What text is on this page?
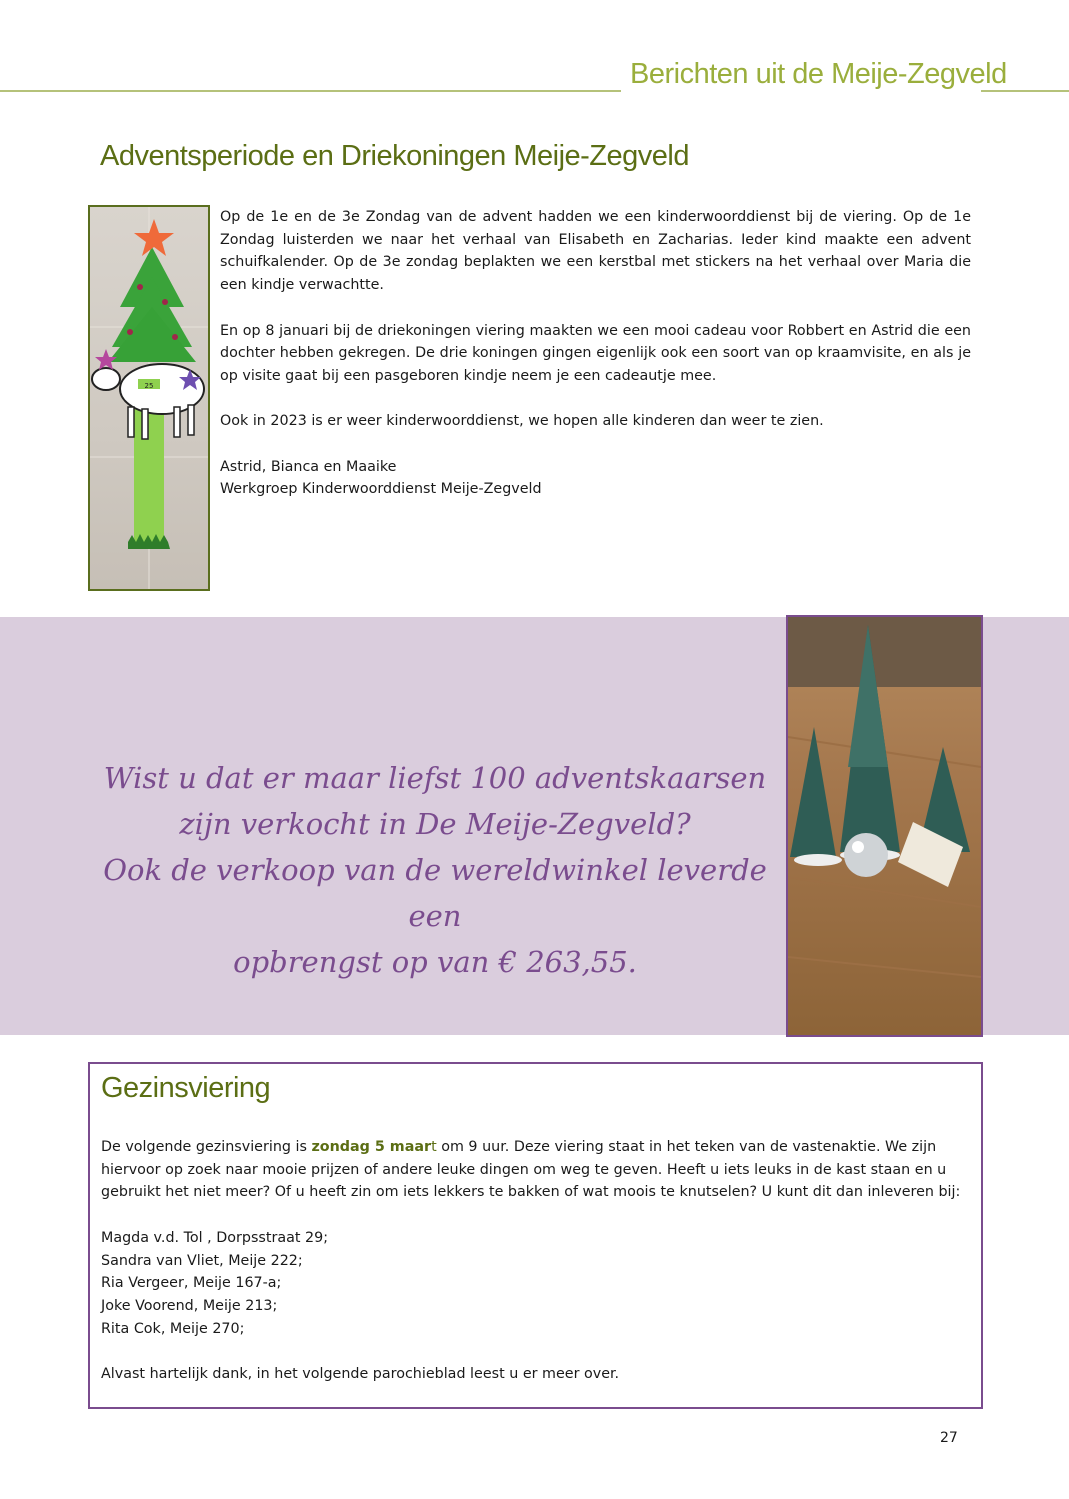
Berichten uit de Meije-Zegveld
Adventsperiode en Driekoningen Meije-Zegveld
25

Op de 1e en de 3e Zondag van de advent hadden we een kinderwoorddienst bij de viering. Op de 1e Zondag luisterden we naar het verhaal van Elisabeth en Zacharias. Ieder kind maakte een advent schuifkalender. Op de 3e zondag beplakten we een kerstbal met stickers na het verhaal over Maria die een kindje verwachtte.

En op 8 januari bij de driekoningen viering maakten we een mooi cadeau voor Robbert en Astrid die een dochter hebben gekregen. De drie koningen gingen eigenlijk ook een soort van op kraamvisite, en als je op visite gaat bij een pasgeboren kindje neem je een cadeautje mee.

Ook in 2023 is er weer kinderwoorddienst, we hopen alle kinderen dan weer te zien.

Astrid, Bianca en Maaike
Werkgroep Kinderwoorddienst Meije-Zegveld

Wist u dat er maar liefst 100 adventskaarsen
zijn verkocht in De Meije-Zegveld?
Ook de verkoop van de wereldwinkel leverde een
opbrengst op van € 263,55.
Gezinsviering

De volgende gezinsviering is zondag 5 maart om 9 uur. Deze viering staat in het teken van de vastenaktie. We zijn hiervoor op zoek naar mooie prijzen of andere leuke dingen om weg te geven. Heeft u iets leuks in de kast staan en u gebruikt het niet meer? Of u heeft zin om iets lekkers te bakken of wat moois te knutselen? U kunt dit dan inleveren bij:

Magda v.d. Tol , Dorpsstraat 29;
Sandra van Vliet, Meije 222;
Ria Vergeer, Meije 167-a;
Joke Voorend, Meije 213;
Rita Cok, Meije 270;

Alvast hartelijk dank, in het volgende parochieblad leest u er meer over.

27
